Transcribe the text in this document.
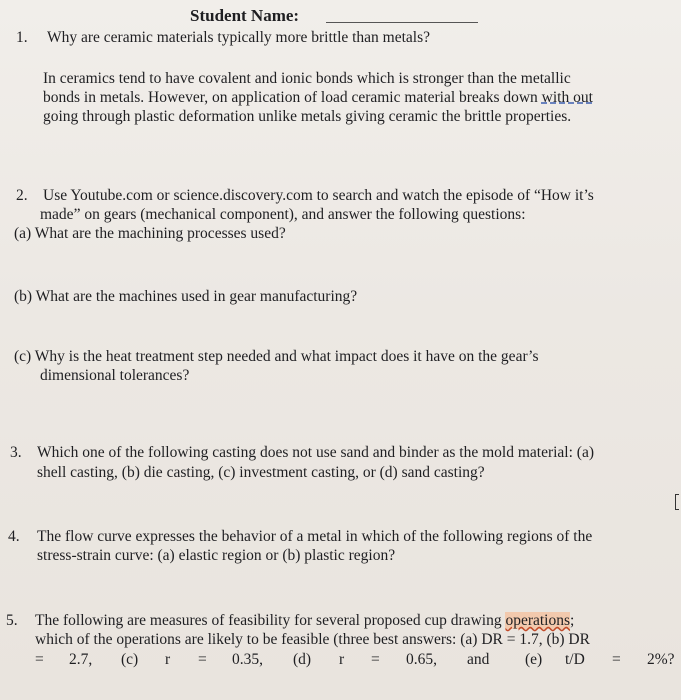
Student Name:
1. Why are ceramic materials typically more brittle than metals?
In ceramics tend to have covalent and ionic bonds which is stronger than the metallic
bonds in metals. However, on application of load ceramic material breaks down with out
going through plastic deformation unlike metals giving ceramic the brittle properties.
2. Use Youtube.com or science.discovery.com to search and watch the episode of “How it’s
made” on gears (mechanical component), and answer the following questions:
(a) What are the machining processes used?
(b) What are the machines used in gear manufacturing?
(c) Why is the heat treatment step needed and what impact does it have on the gear’s
dimensional tolerances?
3. Which one of the following casting does not use sand and binder as the mold material: (a)
shell casting, (b) die casting, (c) investment casting, or (d) sand casting?
4. The flow curve expresses the behavior of a metal in which of the following regions of the
stress-strain curve: (a) elastic region or (b) plastic region?
5. The following are measures of feasibility for several proposed cup drawing operations;
which of the operations are likely to be feasible (three best answers: (a) DR = 1.7, (b) DR
= 2.7, (c) r = 0.35, (d) r = 0.65, and (e) t/D = 2%?
